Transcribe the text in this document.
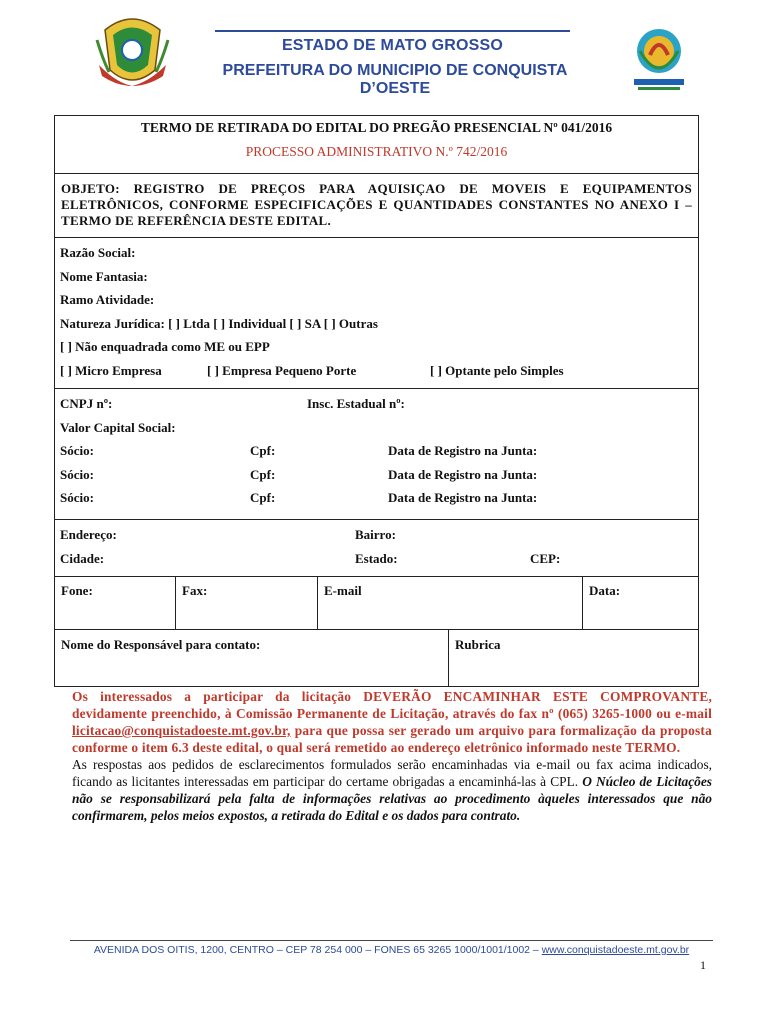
ESTADO DE MATO GROSSO
PREFEITURA DO MUNICIPIO DE CONQUISTA D’OESTE
TERMO DE RETIRADA DO EDITAL DO PREGÃO PRESENCIAL Nº 041/2016
PROCESSO ADMINISTRATIVO N.º 742/2016
OBJETO: REGISTRO DE PREÇOS PARA AQUISIÇAO DE MOVEIS E EQUIPAMENTOS ELETRÔNICOS, CONFORME ESPECIFICAÇÕES E QUANTIDADES CONSTANTES NO ANEXO I – TERMO DE REFERÊNCIA DESTE EDITAL.
Razão Social:
Nome Fantasia:
Ramo Atividade:
Natureza Jurídica: [ ] Ltda [ ] Individual [ ] SA [ ] Outras
[ ] Não enquadrada como ME ou EPP
[ ] Micro Empresa	[ ] Empresa Pequeno Porte	[ ] Optante pelo Simples
CNPJ nº:	Insc. Estadual nº:
Valor Capital Social:
Sócio:	Cpf:	Data de Registro na Junta:
Sócio:	Cpf:	Data de Registro na Junta:
Sócio:	Cpf:	Data de Registro na Junta:
Endereço:	Bairro:
Cidade:	Estado:	CEP:
Fone:	Fax:	E-mail	Data:
Nome do Responsável para contato:	Rubrica
Os interessados a participar da licitação DEVERÃO ENCAMINHAR ESTE COMPROVANTE, devidamente preenchido, à Comissão Permanente de Licitação, através do fax nº (065) 3265-1000 ou e-mail licitacao@conquistadoeste.mt.gov.br, para que possa ser gerado um arquivo para formalização da proposta conforme o item 6.3 deste edital, o qual será remetido ao endereço eletrônico informado neste TERMO.
As respostas aos pedidos de esclarecimentos formulados serão encaminhadas via e-mail ou fax acima indicados, ficando as licitantes interessadas em participar do certame obrigadas a encaminhá-las à CPL. O Núcleo de Licitações não se responsabilizará pela falta de informações relativas ao procedimento àqueles interessados que não confirmarem, pelos meios expostos, a retirada do Edital e os dados para contrato.
AVENIDA DOS OITIS, 1200, CENTRO – CEP 78 254 000 – FONES 65 3265 1000/1001/1002 – www.conquistadoeste.mt.gov.br
1
